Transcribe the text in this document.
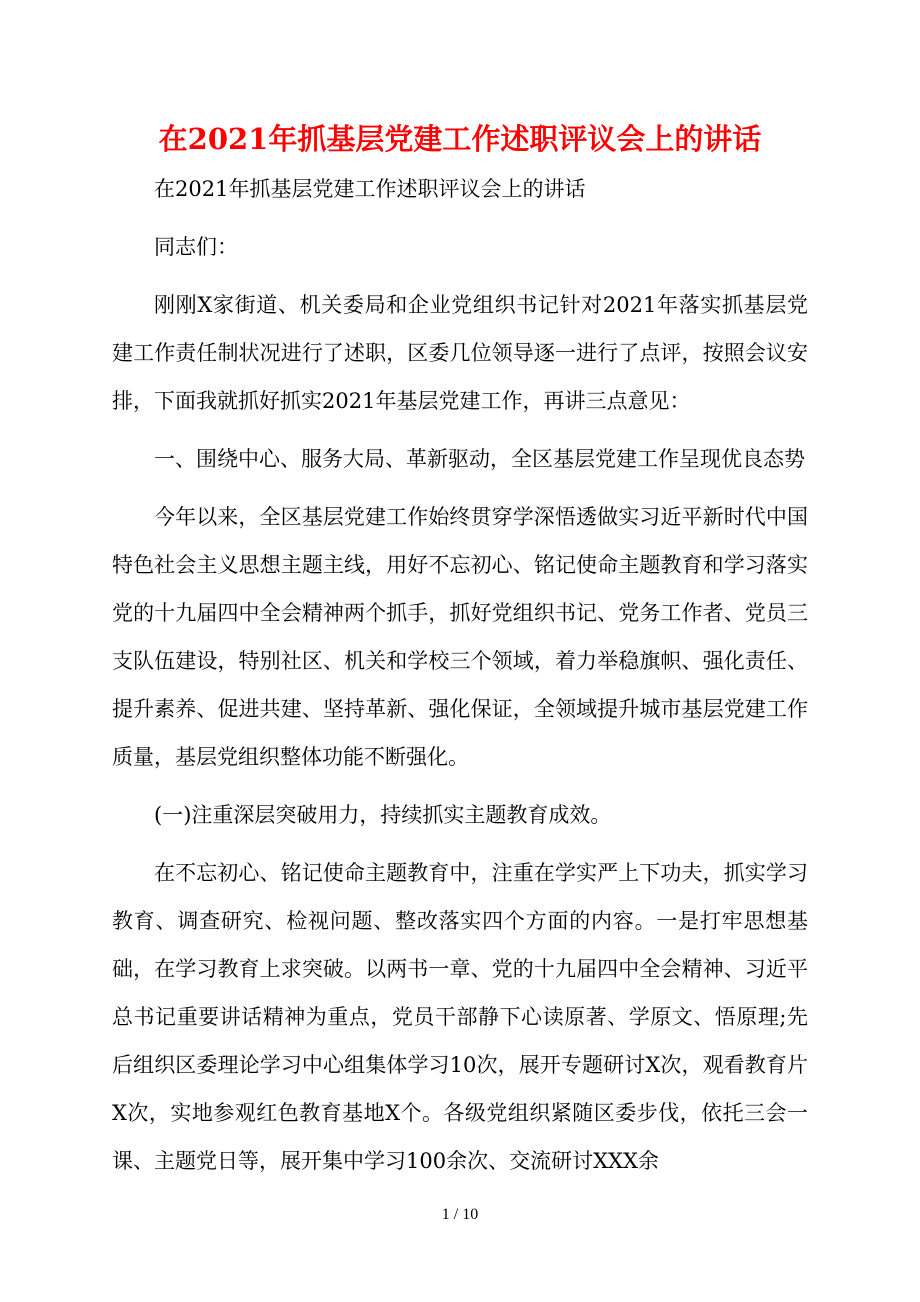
在2021年抓基层党建工作述职评议会上的讲话

在2021年抓基层党建工作述职评议会上的讲话

同志们：

刚刚X家街道、机关委局和企业党组织书记针对2021年落实抓基层党建工作责任制状况进行了述职，区委几位领导逐一进行了点评，按照会议安排，下面我就抓好抓实2021年基层党建工作，再讲三点意见：

一、围绕中心、服务大局、革新驱动，全区基层党建工作呈现优良态势

今年以来，全区基层党建工作始终贯穿学深悟透做实习近平新时代中国特色社会主义思想主题主线，用好不忘初心、铭记使命主题教育和学习落实党的十九届四中全会精神两个抓手，抓好党组织书记、党务工作者、党员三支队伍建设，特别社区、机关和学校三个领域，着力举稳旗帜、强化责任、提升素养、促进共建、坚持革新、强化保证，全领域提升城市基层党建工作质量，基层党组织整体功能不断强化。

(一)注重深层突破用力，持续抓实主题教育成效。

在不忘初心、铭记使命主题教育中，注重在学实严上下功夫，抓实学习教育、调查研究、检视问题、整改落实四个方面的内容。一是打牢思想基础，在学习教育上求突破。以两书一章、党的十九届四中全会精神、习近平总书记重要讲话精神为重点，党员干部静下心读原著、学原文、悟原理;先后组织区委理论学习中心组集体学习10次，展开专题研讨X次，观看教育片X次，实地参观红色教育基地X个。各级党组织紧随区委步伐，依托三会一课、主题党日等，展开集中学习100余次、交流研讨XXX余

1 / 10
